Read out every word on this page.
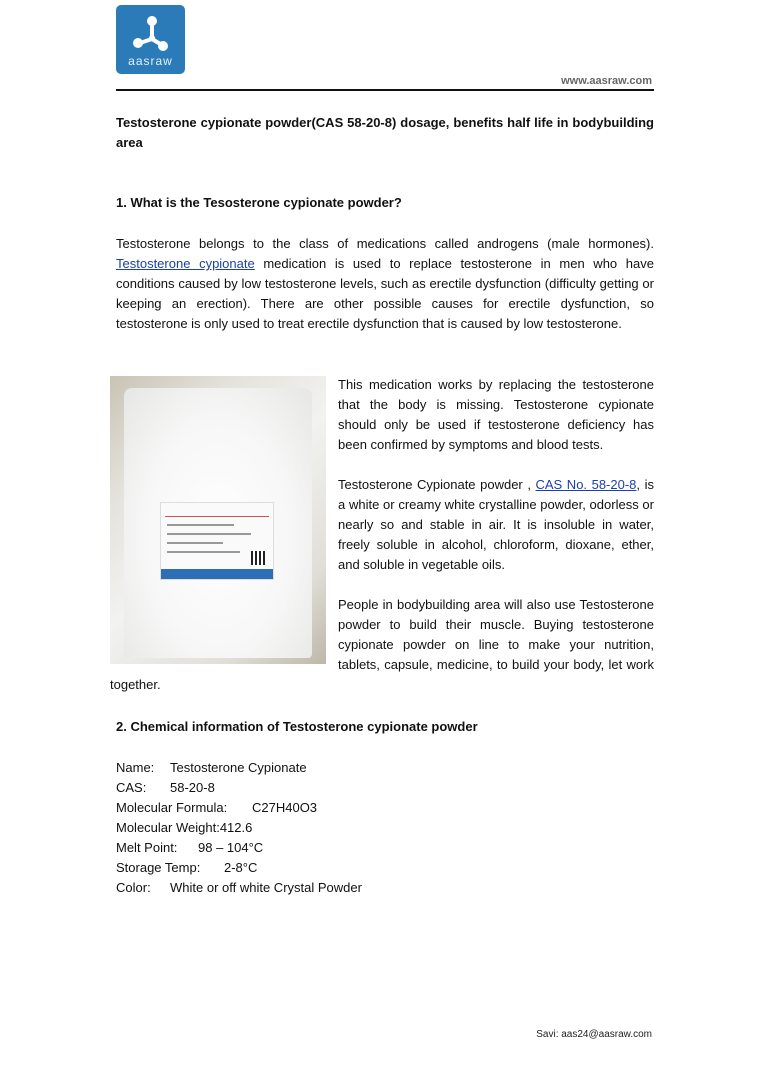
aasraw
www.aasraw.com
Testosterone cypionate powder(CAS 58-20-8) dosage, benefits half life in bodybuilding area
1. What is the Tesosterone cypionate powder?
Testosterone belongs to the class of medications called androgens (male hormones). Testosterone cypionate medication is used to replace testosterone in men who have conditions caused by low testosterone levels, such as erectile dysfunction (difficulty getting or keeping an erection). There are other possible causes for erectile dysfunction, so testosterone is only used to treat erectile dysfunction that is caused by low testosterone.

This medication works by replacing the testosterone that the body is missing. Testosterone cypionate should only be used if testosterone deficiency has been confirmed by symptoms and blood tests.

Testosterone Cypionate powder , CAS No. 58-20-8, is a white or creamy white crystalline powder, odorless or nearly so and stable in air. It is insoluble in water, freely soluble in alcohol, chloroform, dioxane, ether, and soluble in vegetable oils.

People in bodybuilding area will also use Testosterone powder to build their muscle. Buying testosterone cypionate powder on line to make your nutrition, tablets, capsule, medicine, to build your body, let work together.

2. Chemical information of Testosterone cypionate powder
Name: Testosterone Cypionate
CAS: 58-20-8
Molecular Formula: C27H40O3
Molecular Weight:412.6
Melt Point: 98 – 104°C
Storage Temp: 2-8°C
Color: White or off white Crystal Powder
Savi: aas24@aasraw.com
